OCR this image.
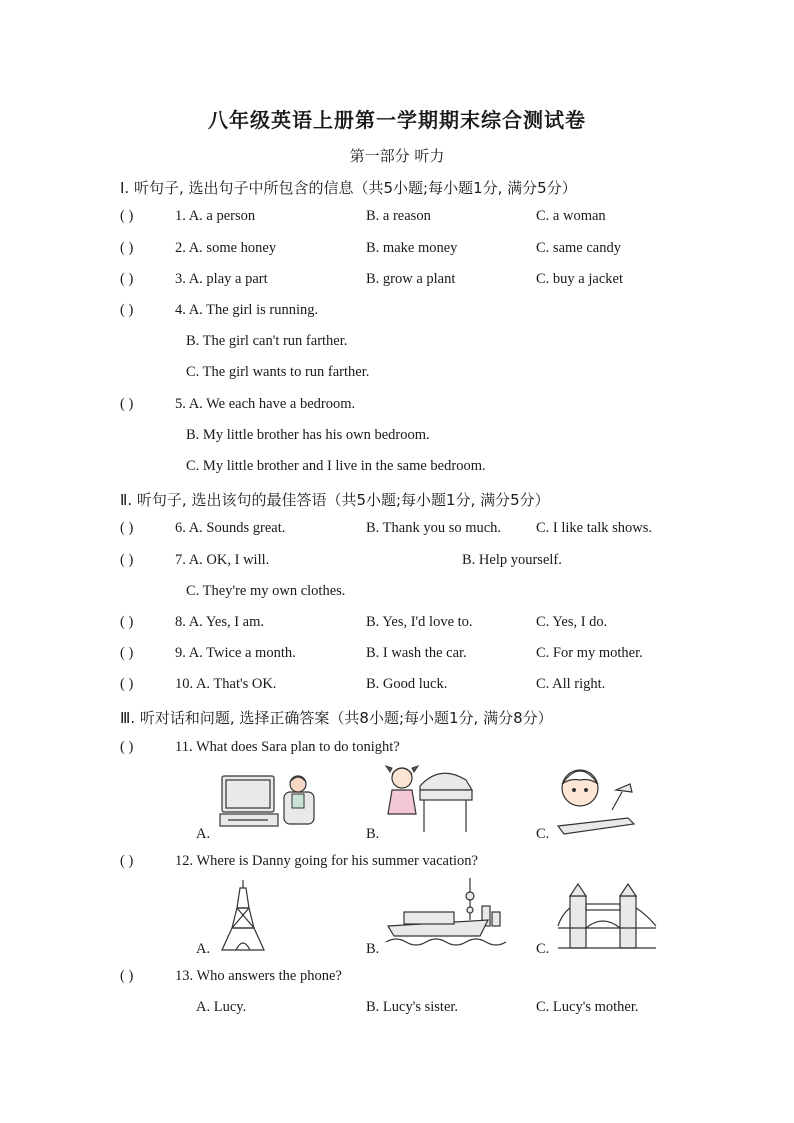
八年级英语上册第一学期期末综合测试卷
第一部分 听力
Ⅰ. 听句子, 选出句子中所包含的信息（共5小题;每小题1分, 满分5分）
( )	1. A. a person	B. a reason	C. a woman
( )	2. A. some honey	B. make money	C. same candy
( )	3. A. play a part	B. grow a plant	C. buy a jacket
( )	4. A. The girl is running.
B. The girl can't run farther.
C. The girl wants to run farther.
( )	5. A. We each have a bedroom.
B. My little brother has his own bedroom.
C. My little brother and I live in the same bedroom.
Ⅱ. 听句子, 选出该句的最佳答语（共5小题;每小题1分, 满分5分）
( )	6. A. Sounds great.	B. Thank you so much. C. I like talk shows.
( )	7. A. OK, I will.	B. Help yourself.
C. They're my own clothes.
( )	8. A. Yes, I am.	B. Yes, I'd love to.	C. Yes, I do.
( )	9. A. Twice a month.	B. I wash the car.	C. For my mother.
( )	10. A. That's OK.	B. Good luck.	C. All right.
Ⅲ. 听对话和问题, 选择正确答案（共8小题;每小题1分, 满分8分）
( )	11. What does Sara plan to do tonight?
A.	B.	C.
( )	12. Where is Danny going for his summer vacation?
A.	B.	C.
( )	13. Who answers the phone?
A. Lucy.	B. Lucy's sister.	C. Lucy's mother.
